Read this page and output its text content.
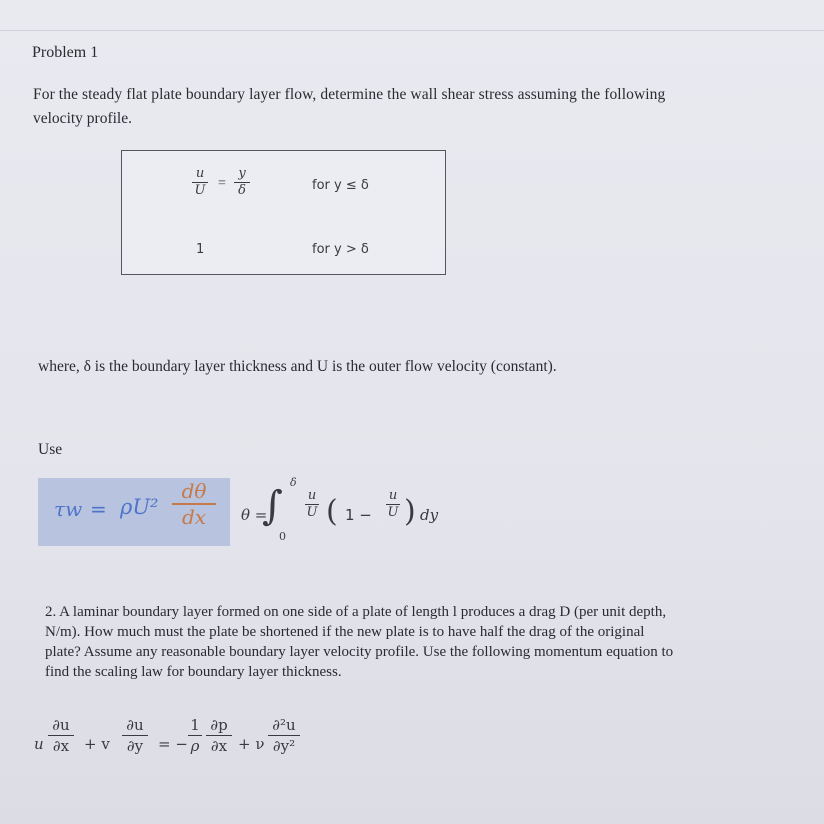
Problem 1
For the steady flat plate boundary layer flow, determine the wall shear stress assuming the following
velocity profile.
u
U =
y
δ	for y ≤ δ
1	for y > δ
where, δ is the boundary layer thickness and U is the outer flow velocity (constant).
Use
τw = ρU²
dθ
dx	θ =
∫
δ
0
u
U ( 1 −
u
U ) dy
2. A laminar boundary layer formed on one side of a plate of length l produces a drag D (per unit depth,
N/m). How much must the plate be shortened if the new plate is to have half the drag of the original
plate? Assume any reasonable boundary layer velocity profile. Use the following momentum equation to
find the scaling law for boundary layer thickness.
u
∂u
∂x + v
∂u
∂y = −
1
ρ
∂p
∂x + ν
∂²u
∂y²
